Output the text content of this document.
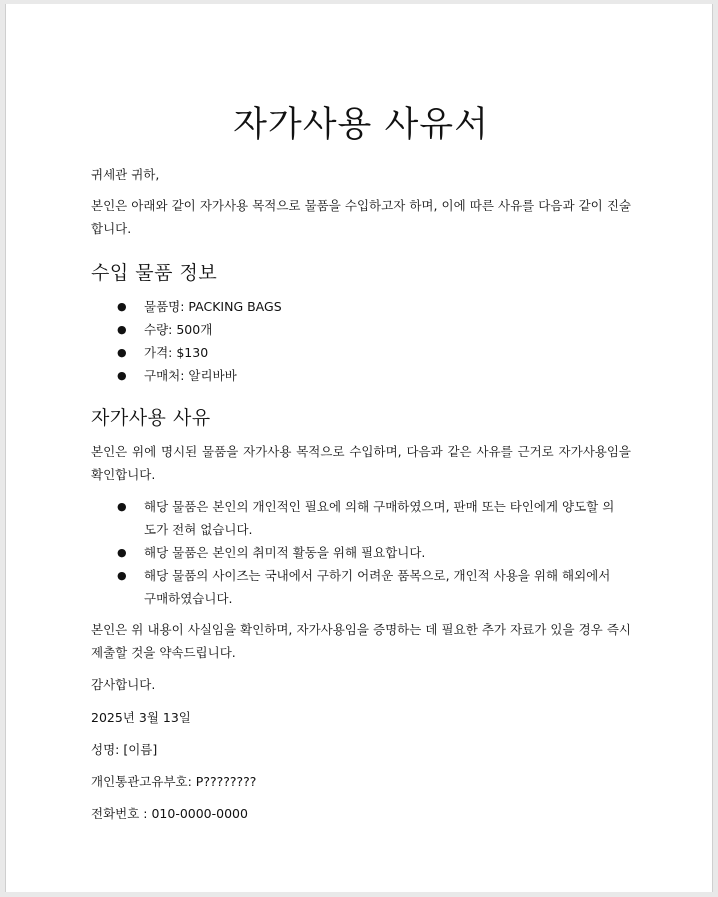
자가사용 사유서

귀세관 귀하,

본인은 아래와 같이 자가사용 목적으로 물품을 수입하고자 하며, 이에 따른 사유를 다음과 같이 진술합니다.

수입 물품 정보
● 물품명: PACKING BAGS
● 수량: 500개
● 가격: $130
● 구매처: 알리바바
자가사용 사유

본인은 위에 명시된 물품을 자가사용 목적으로 수입하며, 다음과 같은 사유를 근거로 자가사용임을 확인합니다.

● 해당 물품은 본인의 개인적인 필요에 의해 구매하였으며, 판매 또는 타인에게 양도할 의도가 전혀 없습니다.
● 해당 물품은 본인의 취미적 활동을 위해 필요합니다.
● 해당 물품의 사이즈는 국내에서 구하기 어려운 품목으로, 개인적 사용을 위해 해외에서 구매하였습니다.

본인은 위 내용이 사실임을 확인하며, 자가사용임을 증명하는 데 필요한 추가 자료가 있을 경우 즉시 제출할 것을 약속드립니다.

감사합니다.

2025년 3월 13일

성명: [이름]

개인통관고유부호: P????????

전화번호 : 010-0000-0000
